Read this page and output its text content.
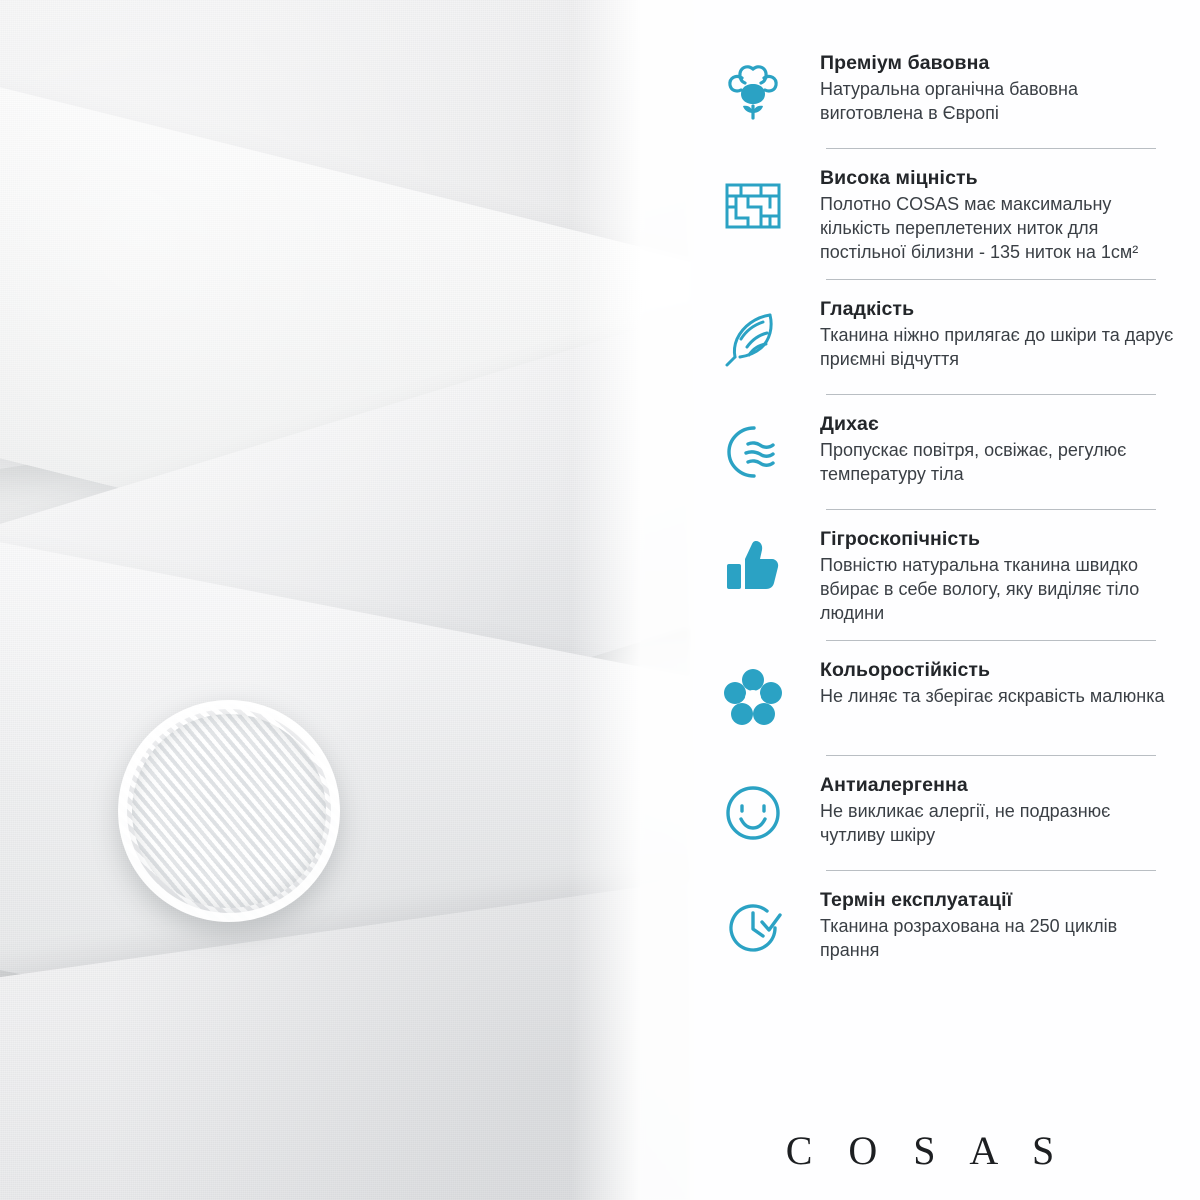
Преміум бавовна

Натуральна органічна бавовна виготовлена в Європі

Висока міцність

Полотно COSAS має максимальну кількість переплетених ниток для постільної білизни - 135 ниток на 1см²

Гладкість

Тканина ніжно прилягає до шкіри та дарує приємні відчуття

Дихає

Пропускає повітря, освіжає, регулює температуру тіла

Гігроскопічність

Повністю натуральна тканина швидко вбирає в себе вологу, яку виділяє тіло людини

Кольоростійкість

Не линяє та зберігає яскравість малюнка

Антиалергенна

Не викликає алергії, не подразнює чутливу шкіру

Термін експлуатації

Тканина розрахована на 250 циклів прання

C O S A S
